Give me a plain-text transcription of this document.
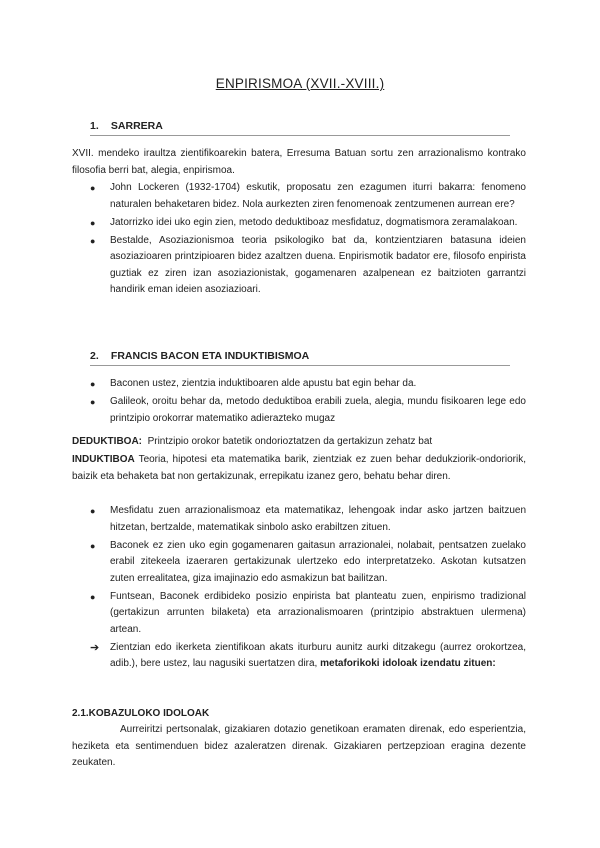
ENPIRISMOA (XVII.-XVIII.)
1. SARRERA
XVII. mendeko iraultza zientifikoarekin batera, Erresuma Batuan sortu zen arrazionalismo kontrako filosofia berri bat, alegia, enpirismoa.
●	John Lockeren (1932-1704) eskutik, proposatu zen ezagumen iturri bakarra: fenomeno naturalen behaketaren bidez. Nola aurkezten ziren fenomenoak zentzumenen aurrean ere?
●	Jatorrizko idei uko egin zien, metodo deduktiboaz mesfidatuz, dogmatismora zeramalakoan.
●	Bestalde, Asoziazionismoa teoria psikologiko bat da, kontzientziaren batasuna ideien asoziazioaren printzipioaren bidez azaltzen duena. Enpirismotik badator ere, filosofo enpirista guztiak ez ziren izan asoziazionistak, gogamenaren azalpenean ez baitzioten garrantzi handirik eman ideien asoziazioari.
2. FRANCIS BACON ETA INDUKTIBISMOA
●	Baconen ustez, zientzia induktiboaren alde apustu bat egin behar da.
●	Galileok, oroitu behar da, metodo deduktiboa erabili zuela, alegia, mundu fisikoaren lege edo printzipio orokorrar matematiko adierazteko mugaz
DEDUKTIBOA: Printzipio orokor batetik ondorioztatzen da gertakizun zehatz bat
INDUKTIBOA Teoria, hipotesi eta matematika barik, zientziak ez zuen behar dedukziorik-ondoriorik, baizik eta behaketa bat non gertakizunak, errepikatu izanez gero, behatu behar diren.
●	Mesfidatu zuen arrazionalismoaz eta matematikaz, lehengoak indar asko jartzen baitzuen hitzetan, bertzalde, matematikak sinbolo asko erabiltzen zituen.
●	Baconek ez zien uko egin gogamenaren gaitasun arrazionalei, nolabait, pentsatzen zuelako erabil zitekeela izaeraren gertakizunak ulertzeko edo interpretatzeko. Askotan kutsatzen zuten errealitatea, giza imajinazio edo asmakizun bat bailitzan.
●	Funtsean, Baconek erdibideko posizio enpirista bat planteatu zuen, enpirismo tradizional (gertakizun arrunten bilaketa) eta arrazionalismoaren (printzipio abstraktuen ulermena) artean.
➔	Zientzian edo ikerketa zientifikoan akats iturburu aunitz aurki ditzakegu (aurrez orokortzea, adib.), bere ustez, lau nagusiki suertatzen dira, metaforikoki idoloak izendatu zituen:
2.1.KOBAZULOKO IDOLOAK
Aurreiritzi pertsonalak, gizakiaren dotazio genetikoan eramaten direnak, edo esperientzia, heziketa eta sentimenduen bidez azaleratzen direnak. Gizakiaren pertzepzioan eragina dezente zeukaten.
